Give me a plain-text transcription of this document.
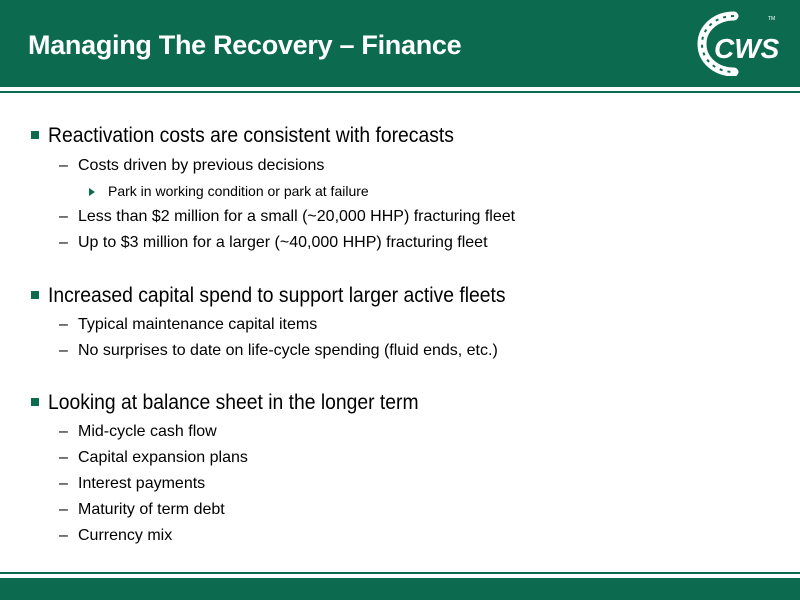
Managing The Recovery – Finance	CWS
TM
Reactivation costs are consistent with forecasts
– Costs driven by previous decisions
Park in working condition or park at failure
– Less than $2 million for a small (~20,000 HHP) fracturing fleet
– Up to $3 million for a larger (~40,000 HHP) fracturing fleet
Increased capital spend to support larger active fleets
– Typical maintenance capital items
– No surprises to date on life-cycle spending (fluid ends, etc.)
Looking at balance sheet in the longer term
– Mid-cycle cash flow
– Capital expansion plans
– Interest payments
– Maturity of term debt
– Currency mix
